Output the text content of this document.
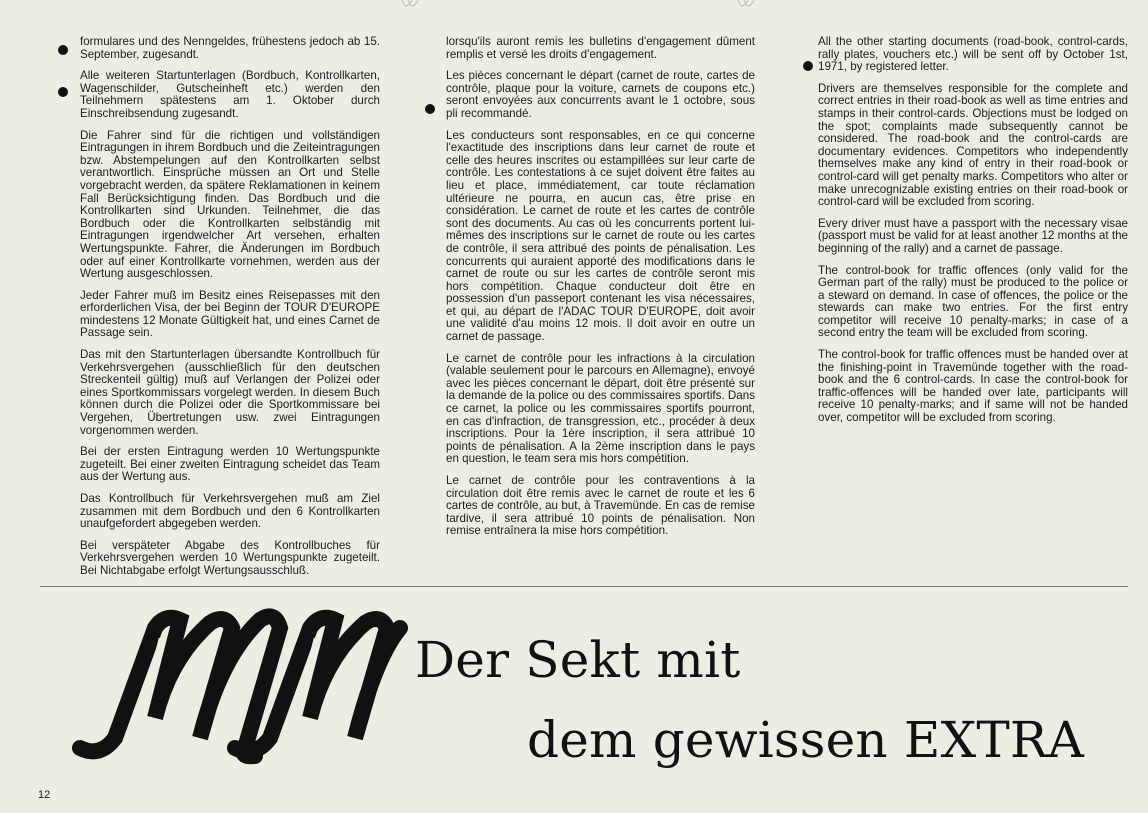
formulares und des Nenngeldes, frühestens jedoch ab 15. September, zugesandt.

Alle weiteren Startunterlagen (Bordbuch, Kontrollkarten, Wagenschilder, Gutscheinheft etc.) werden den Teilnehmern spätestens am 1. Oktober durch Einschreibsendung zugesandt.

Die Fahrer sind für die richtigen und vollständigen Eintragungen in ihrem Bordbuch und die Zeiteintragungen bzw. Abstempelungen auf den Kontrollkarten selbst verantwortlich. Einsprüche müssen an Ort und Stelle vorgebracht werden, da spätere Reklamationen in keinem Fall Berücksichtigung finden. Das Bordbuch und die Kontrollkarten sind Urkunden. Teilnehmer, die das Bordbuch oder die Kontrollkarten selbständig mit Eintragungen irgendwelcher Art versehen, erhalten Wertungspunkte. Fahrer, die Änderungen im Bordbuch oder auf einer Kontrollkarte vornehmen, werden aus der Wertung ausgeschlossen.

Jeder Fahrer muß im Besitz eines Reisepasses mit den erforderlichen Visa, der bei Beginn der TOUR D'EUROPE mindestens 12 Monate Gültigkeit hat, und eines Carnet de Passage sein.

Das mit den Startunterlagen übersandte Kontrollbuch für Verkehrsvergehen (ausschließlich für den deutschen Streckenteil gültig) muß auf Verlangen der Polizei oder eines Sportkommissars vorgelegt werden. In diesem Buch können durch die Polizei oder die Sportkommissare bei Vergehen, Übertretungen usw. zwei Eintragungen vorgenommen werden.

Bei der ersten Eintragung werden 10 Wertungspunkte zugeteilt. Bei einer zweiten Eintragung scheidet das Team aus der Wertung aus.

Das Kontrollbuch für Verkehrsvergehen muß am Ziel zusammen mit dem Bordbuch und den 6 Kontrollkarten unaufgefordert abgegeben werden.

Bei verspäteter Abgabe des Kontrollbuches für Verkehrsvergehen werden 10 Wertungspunkte zugeteilt. Bei Nichtabgabe erfolgt Wertungsausschluß.

lorsqu'ils auront remis les bulletins d'engagement dûment remplis et versé les droits d'engagement.

Les pièces concernant le départ (carnet de route, cartes de contrôle, plaque pour la voiture, carnets de coupons etc.) seront envoyées aux concurrents avant le 1 octobre, sous pli recommandé.

Les conducteurs sont responsables, en ce qui concerne l'exactitude des inscriptions dans leur carnet de route et celle des heures inscrites ou estampillées sur leur carte de contrôle. Les contestations à ce sujet doivent être faites au lieu et place, immédiatement, car toute réclamation ultérieure ne pourra, en aucun cas, être prise en considération. Le carnet de route et les cartes de contrôle sont des documents. Au cas où les concurrents portent lui-mêmes des inscriptions sur le carnet de route ou les cartes de contrôle, il sera attribué des points de pénalisation. Les concurrents qui auraient apporté des modifications dans le carnet de route ou sur les cartes de contrôle seront mis hors compétition. Chaque conducteur doit être en possession d'un passeport contenant les visa nécessaires, et qui, au départ de l'ADAC TOUR D'EUROPE, doit avoir une validité d'au moins 12 mois. Il doit avoir en outre un carnet de passage.

Le carnet de contrôle pour les infractions à la circulation (valable seulement pour le parcours en Allemagne), envoyé avec les pièces concernant le départ, doit être présenté sur la demande de la police ou des commissaires sportifs. Dans ce carnet, la police ou les commissaires sportifs pourront, en cas d'infraction, de transgression, etc., procéder à deux inscriptions. Pour la 1ère inscription, il sera attribué 10 points de pénalisation. A la 2ème inscription dans le pays en question, le team sera mis hors compétition.

Le carnet de contrôle pour les contraventions à la circulation doit être remis avec le carnet de route et les 6 cartes de contrôle, au but, à Travemünde. En cas de remise tardive, il sera attribué 10 points de pénalisation. Non remise entraînera la mise hors compétition.

All the other starting documents (road-book, control-cards, rally plates, vouchers etc.) will be sent off by October 1st, 1971, by registered letter.

Drivers are themselves responsible for the complete and correct entries in their road-book as well as time entries and stamps in their control-cards. Objections must be lodged on the spot; complaints made subsequently cannot be considered. The road-book and the control-cards are documentary evidences. Competitors who independently themselves make any kind of entry in their road-book or control-card will get penalty marks. Competitors who alter or make unrecognizable existing entries on their road-book or control-card will be excluded from scoring.

Every driver must have a passport with the necessary visae (passport must be valid for at least another 12 months at the beginning of the rally) and a carnet de passage.

The control-book for traffic offences (only valid for the German part of the rally) must be produced to the police or a steward on demand. In case of offences, the police or the stewards can make two entries. For the first entry competitor will receive 10 penalty-marks; in case of a second entry the team will be excluded from scoring.

The control-book for traffic offences must be handed over at the finishing-point in Travemünde together with the road-book and the 6 control-cards. In case the control-book for traffic-offences will be handed over late, participants will receive 10 penalty-marks; and if same will not be handed over, competitor will be excluded from scoring.

Der Sekt mit
dem gewissen EXTRA
12
